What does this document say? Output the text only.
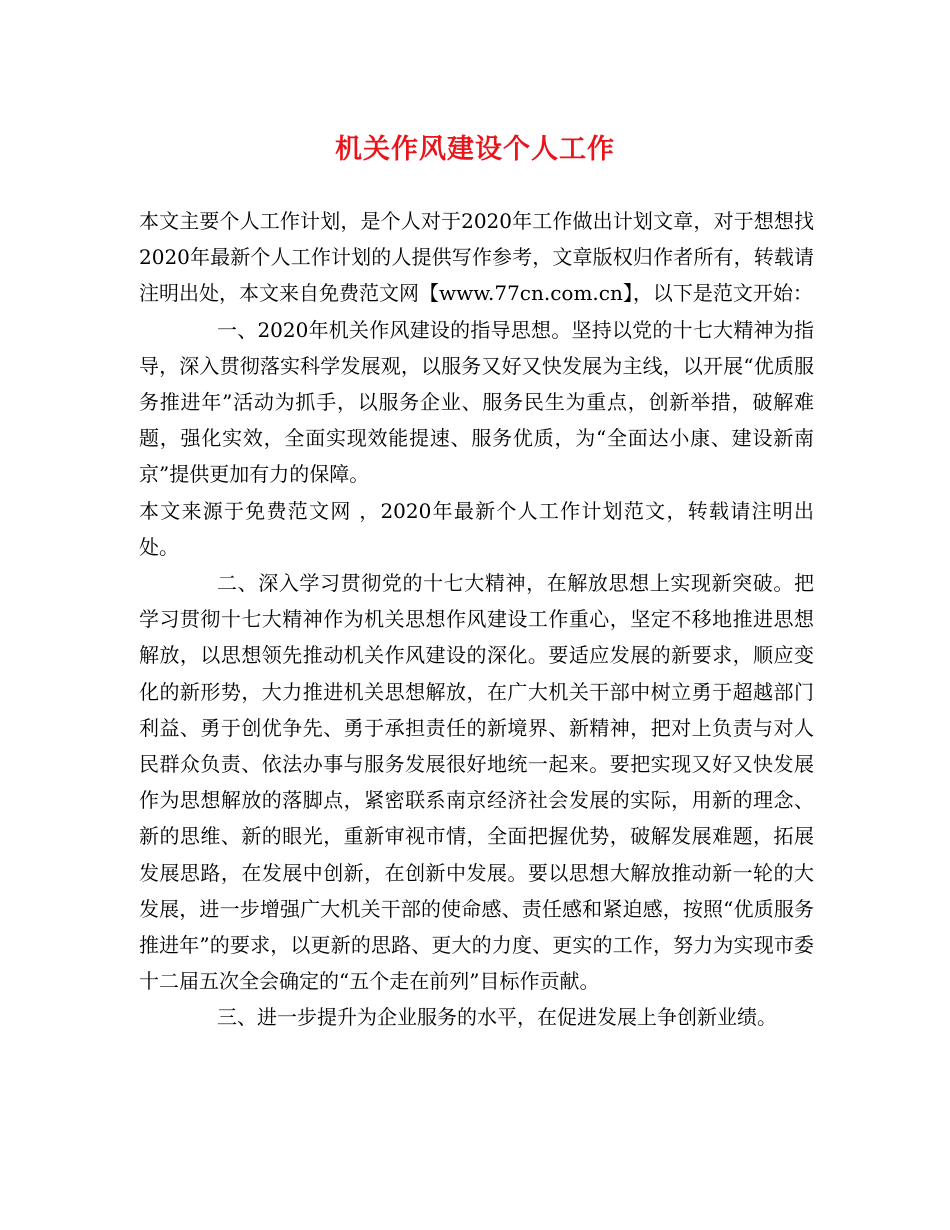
机关作风建设个人工作

本文主要个人工作计划，是个人对于2020年工作做出计划文章，对于想想找2020年最新个人工作计划的人提供写作参考，文章版权归作者所有，转载请注明出处，本文来自免费范文网【www.77cn.com.cn】，以下是范文开始：

一、2020年机关作风建设的指导思想。坚持以党的十七大精神为指导，深入贯彻落实科学发展观，以服务又好又快发展为主线，以开展“优质服务推进年”活动为抓手，以服务企业、服务民生为重点，创新举措，破解难题，强化实效，全面实现效能提速、服务优质，为“全面达小康、建设新南京”提供更加有力的保障。

本文来源于免费范文网 ，2020年最新个人工作计划范文，转载请注明出处。

二、深入学习贯彻党的十七大精神，在解放思想上实现新突破。把学习贯彻十七大精神作为机关思想作风建设工作重心，坚定不移地推进思想解放，以思想领先推动机关作风建设的深化。要适应发展的新要求，顺应变化的新形势，大力推进机关思想解放，在广大机关干部中树立勇于超越部门利益、勇于创优争先、勇于承担责任的新境界、新精神，把对上负责与对人民群众负责、依法办事与服务发展很好地统一起来。要把实现又好又快发展作为思想解放的落脚点，紧密联系南京经济社会发展的实际，用新的理念、新的思维、新的眼光，重新审视市情，全面把握优势，破解发展难题，拓展发展思路，在发展中创新，在创新中发展。要以思想大解放推动新一轮的大发展，进一步增强广大机关干部的使命感、责任感和紧迫感，按照“优质服务推进年”的要求，以更新的思路、更大的力度、更实的工作，努力为实现市委十二届五次全会确定的“五个走在前列”目标作贡献。

三、进一步提升为企业服务的水平，在促进发展上争创新业绩。
